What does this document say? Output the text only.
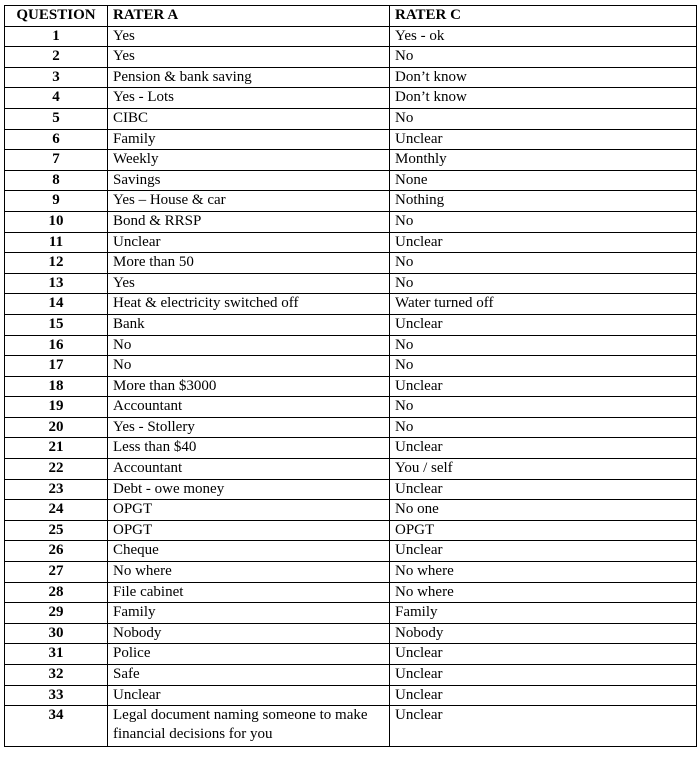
QUESTION	RATER A	RATER C
1	Yes	Yes - ok
2	Yes	No
3	Pension & bank saving	Don’t know
4	Yes - Lots	Don’t know
5	CIBC	No
6	Family	Unclear
7	Weekly	Monthly
8	Savings	None
9	Yes – House & car	Nothing
10	Bond & RRSP	No
11	Unclear	Unclear
12	More than 50	No
13	Yes	No
14	Heat & electricity switched off	Water turned off
15	Bank	Unclear
16	No	No
17	No	No
18	More than $3000	Unclear
19	Accountant	No
20	Yes - Stollery	No
21	Less than $40	Unclear
22	Accountant	You / self
23	Debt - owe money	Unclear
24	OPGT	No one
25	OPGT	OPGT
26	Cheque	Unclear
27	No where	No where
28	File cabinet	No where
29	Family	Family
30	Nobody	Nobody
31	Police	Unclear
32	Safe	Unclear
33	Unclear	Unclear
34	Legal document naming someone to make financial decisions for you	Unclear
